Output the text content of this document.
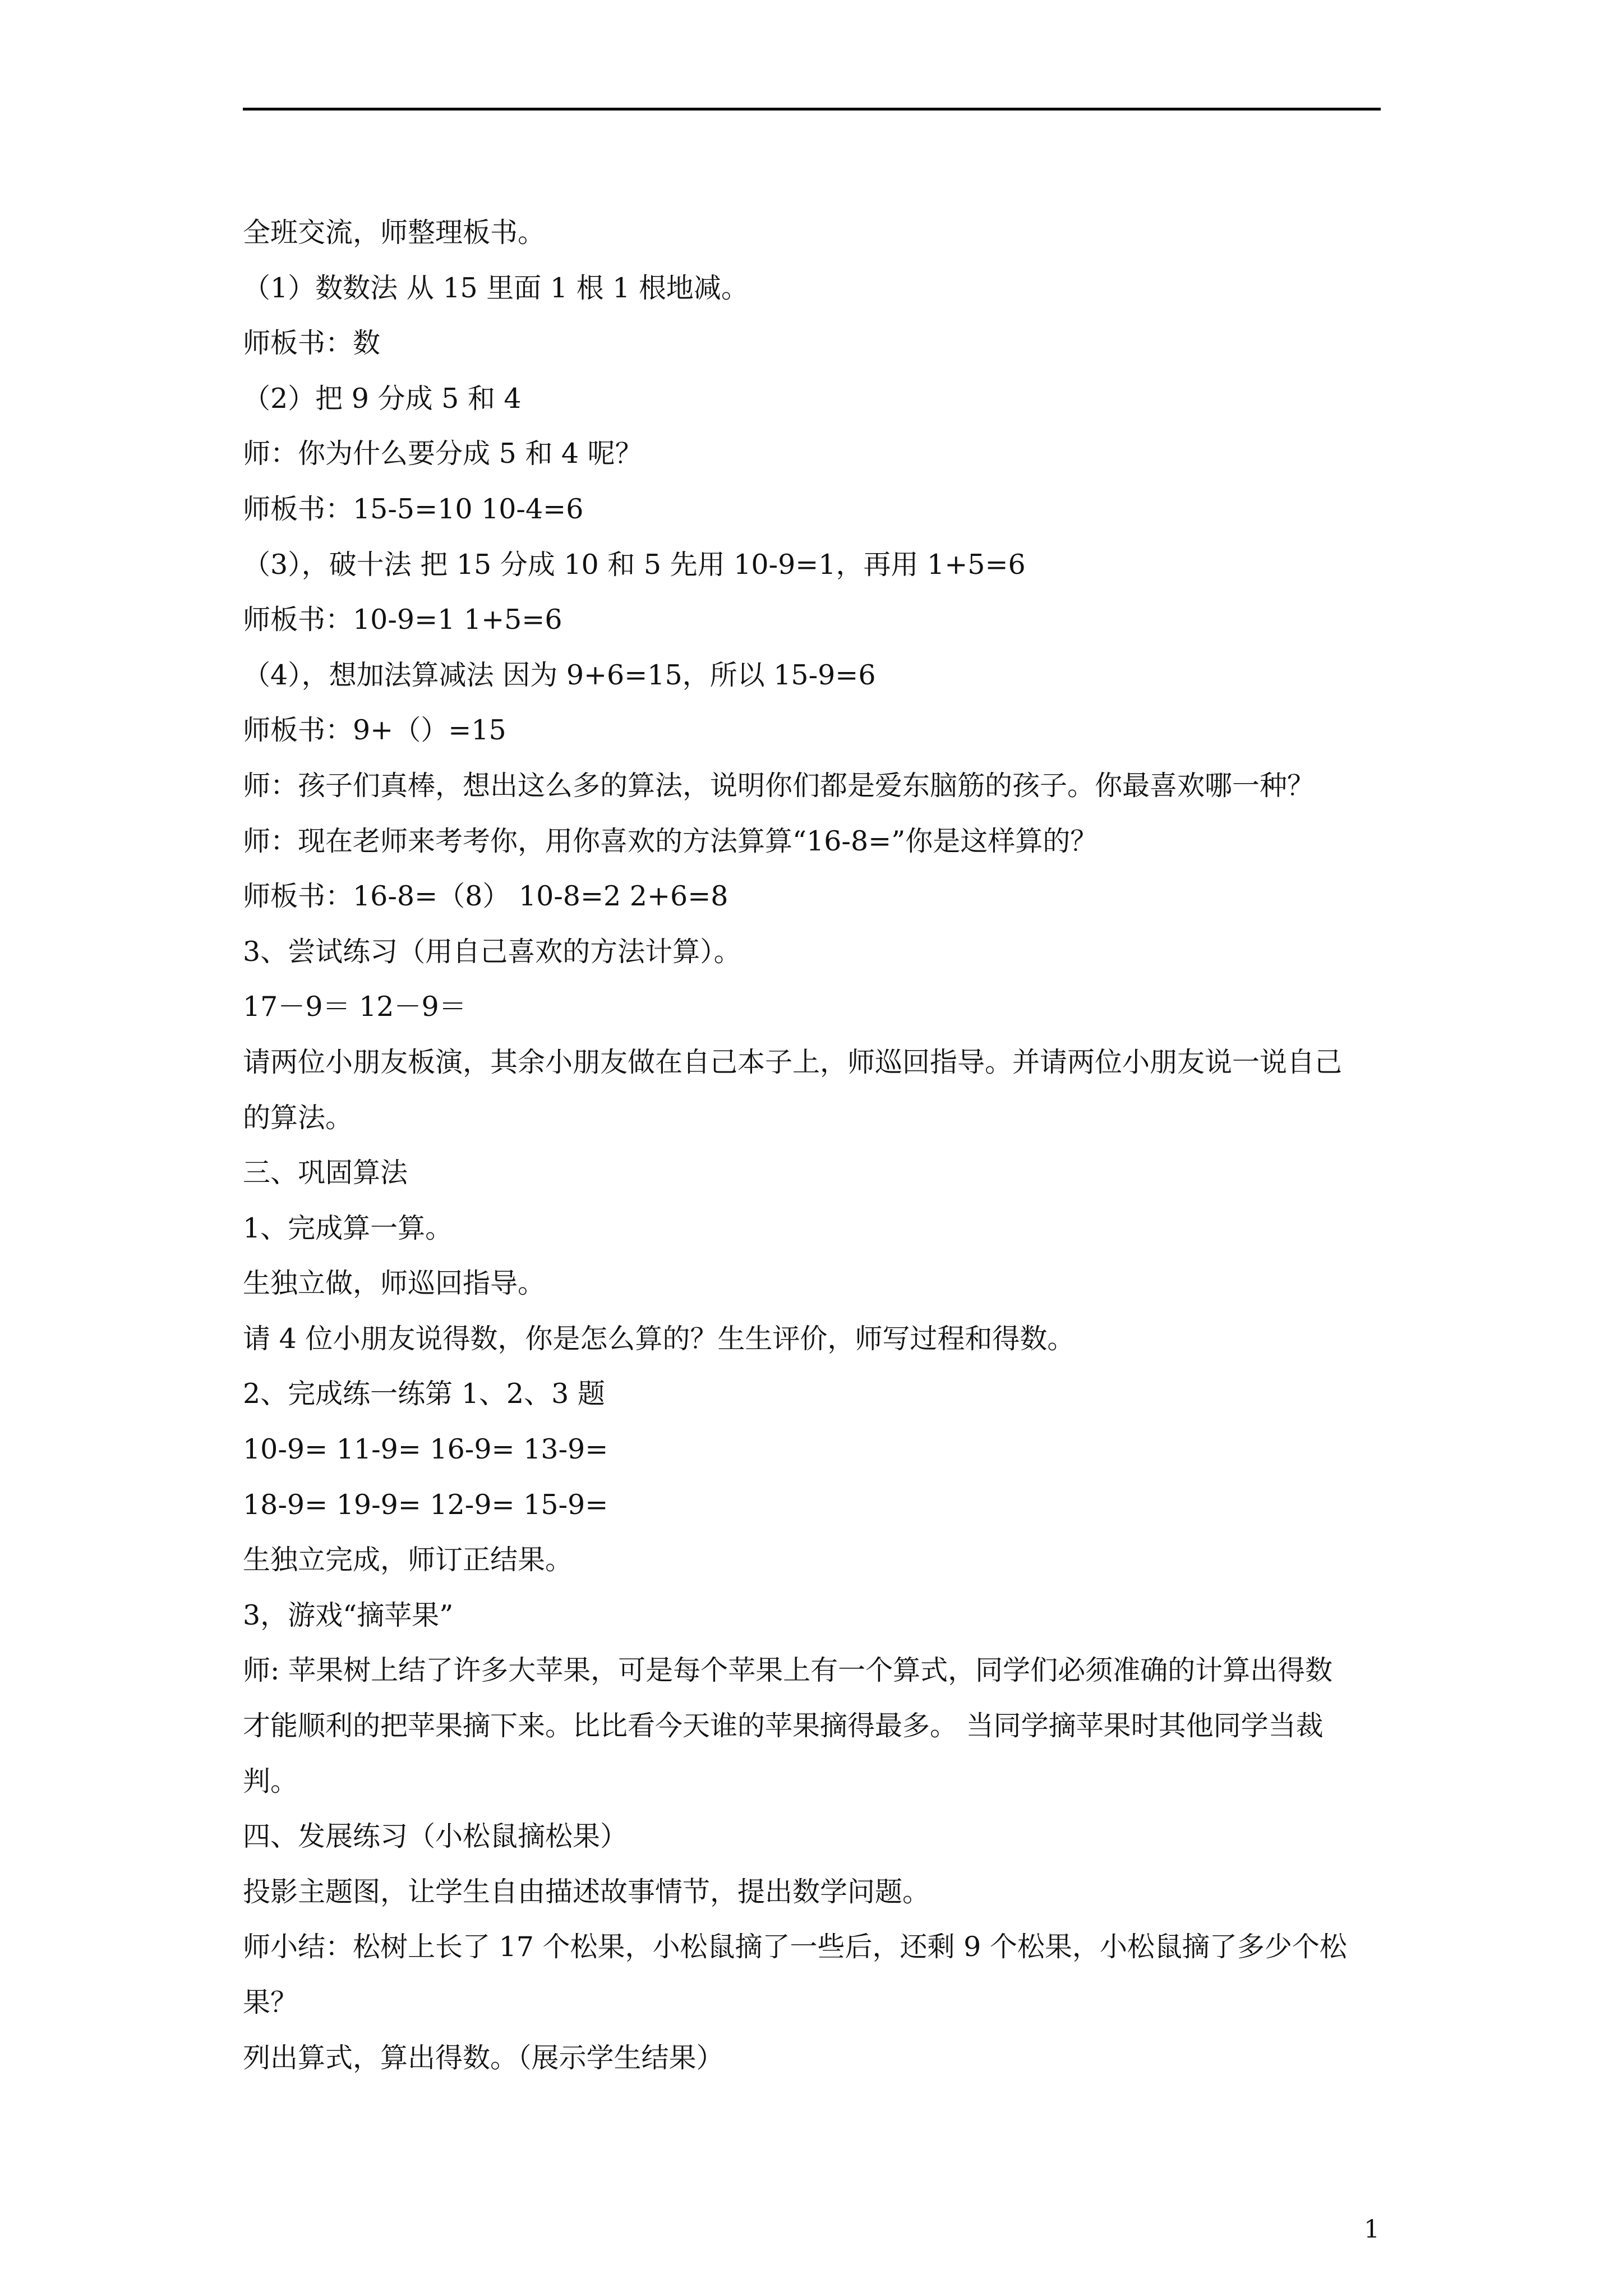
全班交流，师整理板书。
（1）数数法 从 15 里面 1 根 1 根地减。
师板书：数
（2）把 9 分成 5 和 4
师：你为什么要分成 5 和 4 呢？
师板书：15-5=10 10-4=6
（3），破十法 把 15 分成 10 和 5 先用 10-9=1，再用 1+5=6
师板书：10-9=1 1+5=6
（4），想加法算减法 因为 9+6=15，所以 15-9=6
师板书：9+（）=15
师：孩子们真棒，想出这么多的算法，说明你们都是爱东脑筋的孩子。你最喜欢哪一种？
师：现在老师来考考你，用你喜欢的方法算算“16-8=”你是这样算的？
师板书：16-8=（8） 10-8=2 2+6=8
3、尝试练习（用自己喜欢的方法计算）。
17－9＝ 12－9＝
请两位小朋友板演，其余小朋友做在自己本子上，师巡回指导。并请两位小朋友说一说自己
的算法。
三、巩固算法
1、完成算一算。
生独立做，师巡回指导。
请 4 位小朋友说得数，你是怎么算的？生生评价，师写过程和得数。
2、完成练一练第 1、2、3 题
10-9= 11-9= 16-9= 13-9=
18-9= 19-9= 12-9= 15-9=
生独立完成，师订正结果。
3，游戏“摘苹果”
师: 苹果树上结了许多大苹果，可是每个苹果上有一个算式，同学们必须准确的计算出得数
才能顺利的把苹果摘下来。比比看今天谁的苹果摘得最多。 当同学摘苹果时其他同学当裁
判。
四、发展练习（小松鼠摘松果）
投影主题图，让学生自由描述故事情节，提出数学问题。
师小结：松树上长了 17 个松果，小松鼠摘了一些后，还剩 9 个松果，小松鼠摘了多少个松
果？
列出算式，算出得数。（展示学生结果）
1
